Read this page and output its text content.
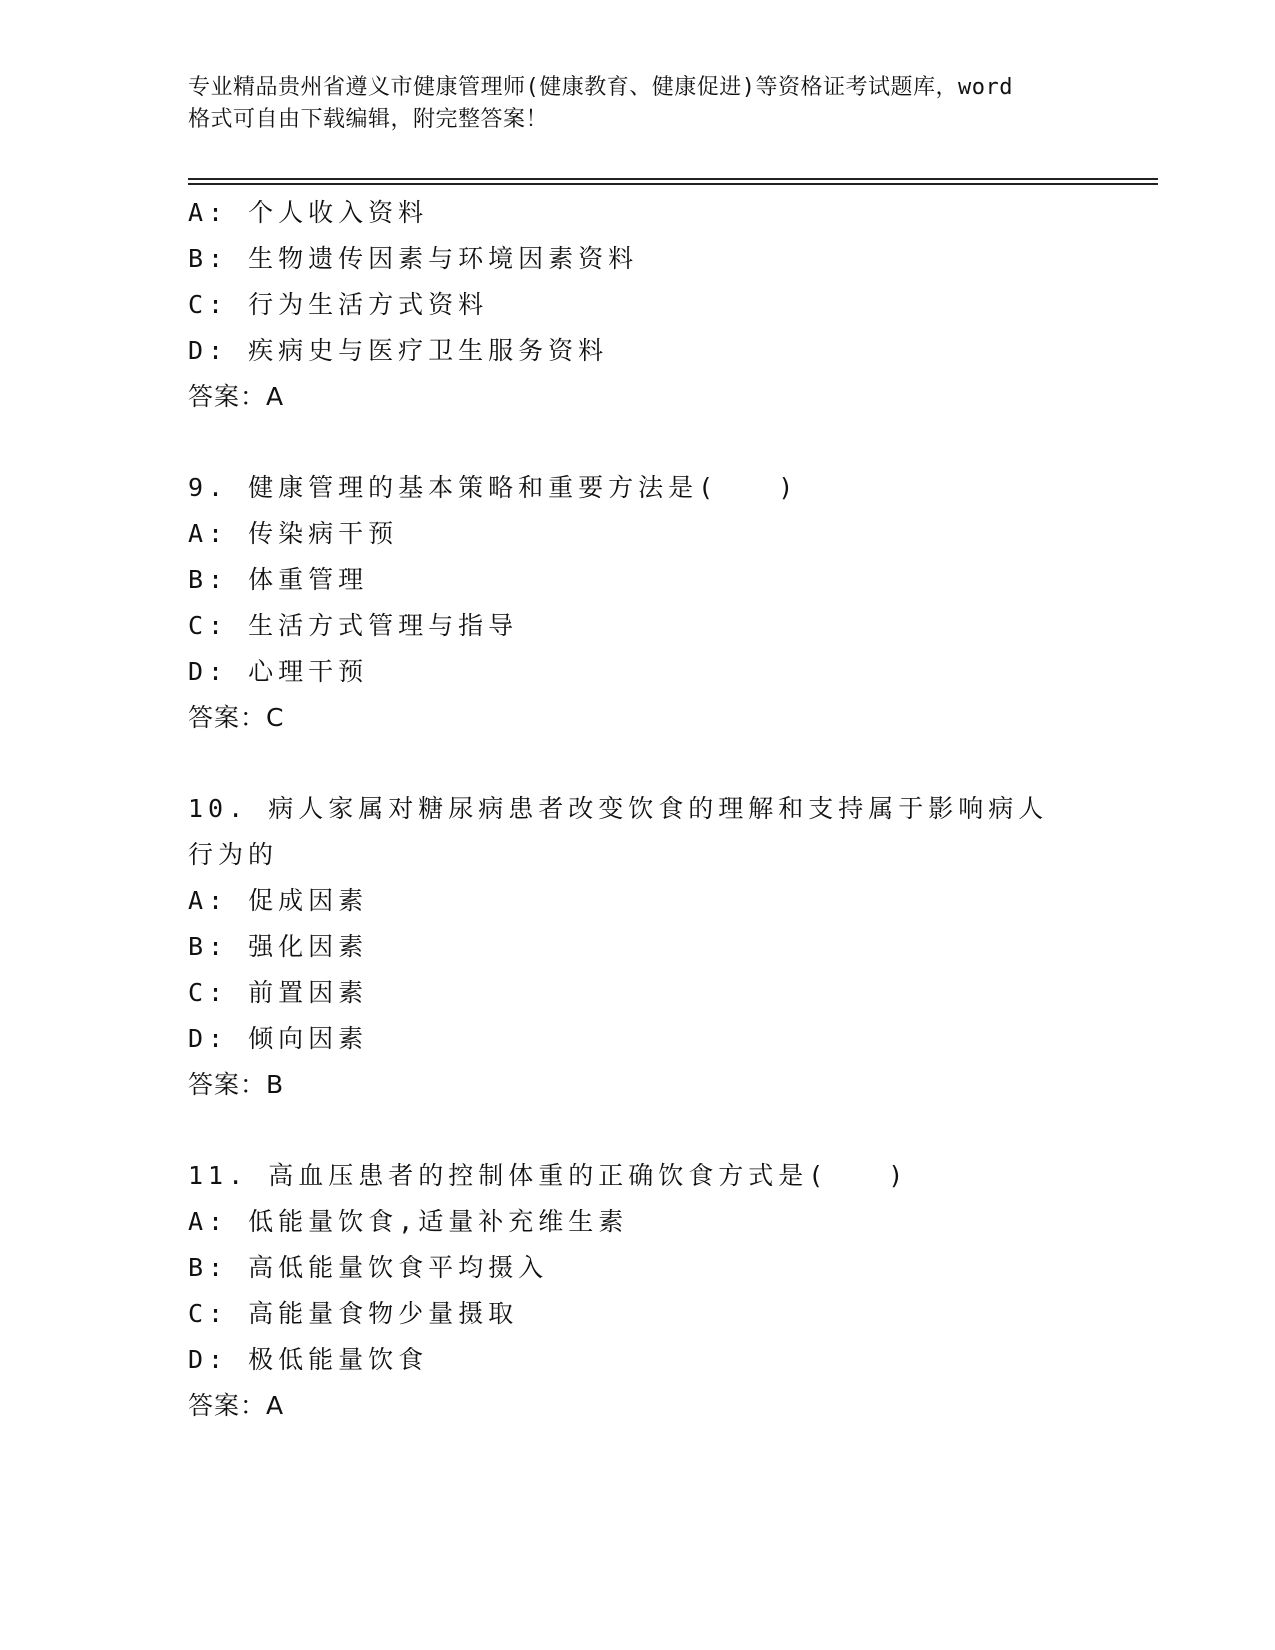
专业精品贵州省遵义市健康管理师(健康教育、健康促进)等资格证考试题库，word
格式可自由下载编辑，附完整答案！
A: 个人收入资料
B: 生物遗传因素与环境因素资料
C: 行为生活方式资料
D: 疾病史与医疗卫生服务资料
答案：A
9. 健康管理的基本策略和重要方法是(　　)
A: 传染病干预
B: 体重管理
C: 生活方式管理与指导
D: 心理干预
答案：C
10. 病人家属对糖尿病患者改变饮食的理解和支持属于影响病人行为的
A: 促成因素
B: 强化因素
C: 前置因素
D: 倾向因素
答案：B
11. 高血压患者的控制体重的正确饮食方式是(　　)
A: 低能量饮食,适量补充维生素
B: 高低能量饮食平均摄入
C: 高能量食物少量摄取
D: 极低能量饮食
答案：A
